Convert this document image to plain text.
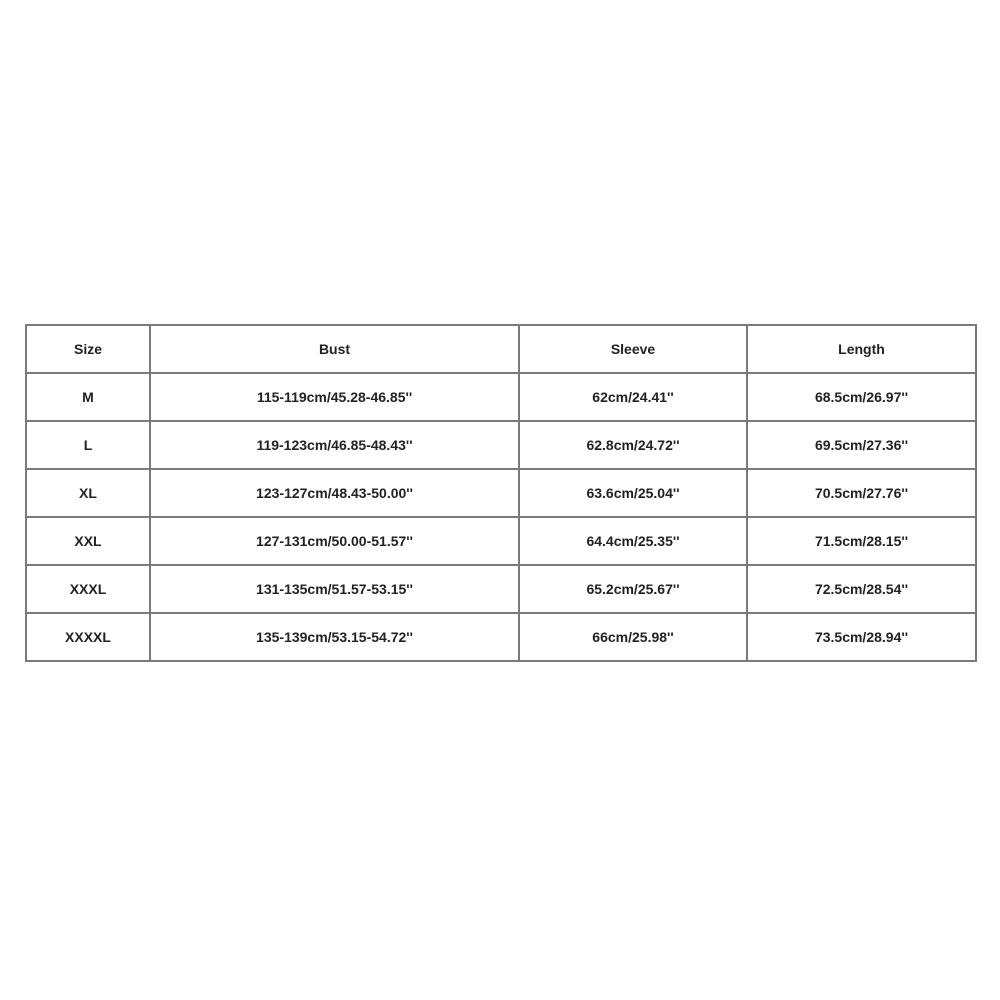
Size	Bust	Sleeve	Length
M	115-119cm/45.28-46.85''	62cm/24.41''	68.5cm/26.97''
L	119-123cm/46.85-48.43''	62.8cm/24.72''	69.5cm/27.36''
XL	123-127cm/48.43-50.00''	63.6cm/25.04''	70.5cm/27.76''
XXL	127-131cm/50.00-51.57''	64.4cm/25.35''	71.5cm/28.15''
XXXL	131-135cm/51.57-53.15''	65.2cm/25.67''	72.5cm/28.54''
XXXXL	135-139cm/53.15-54.72''	66cm/25.98''	73.5cm/28.94''
